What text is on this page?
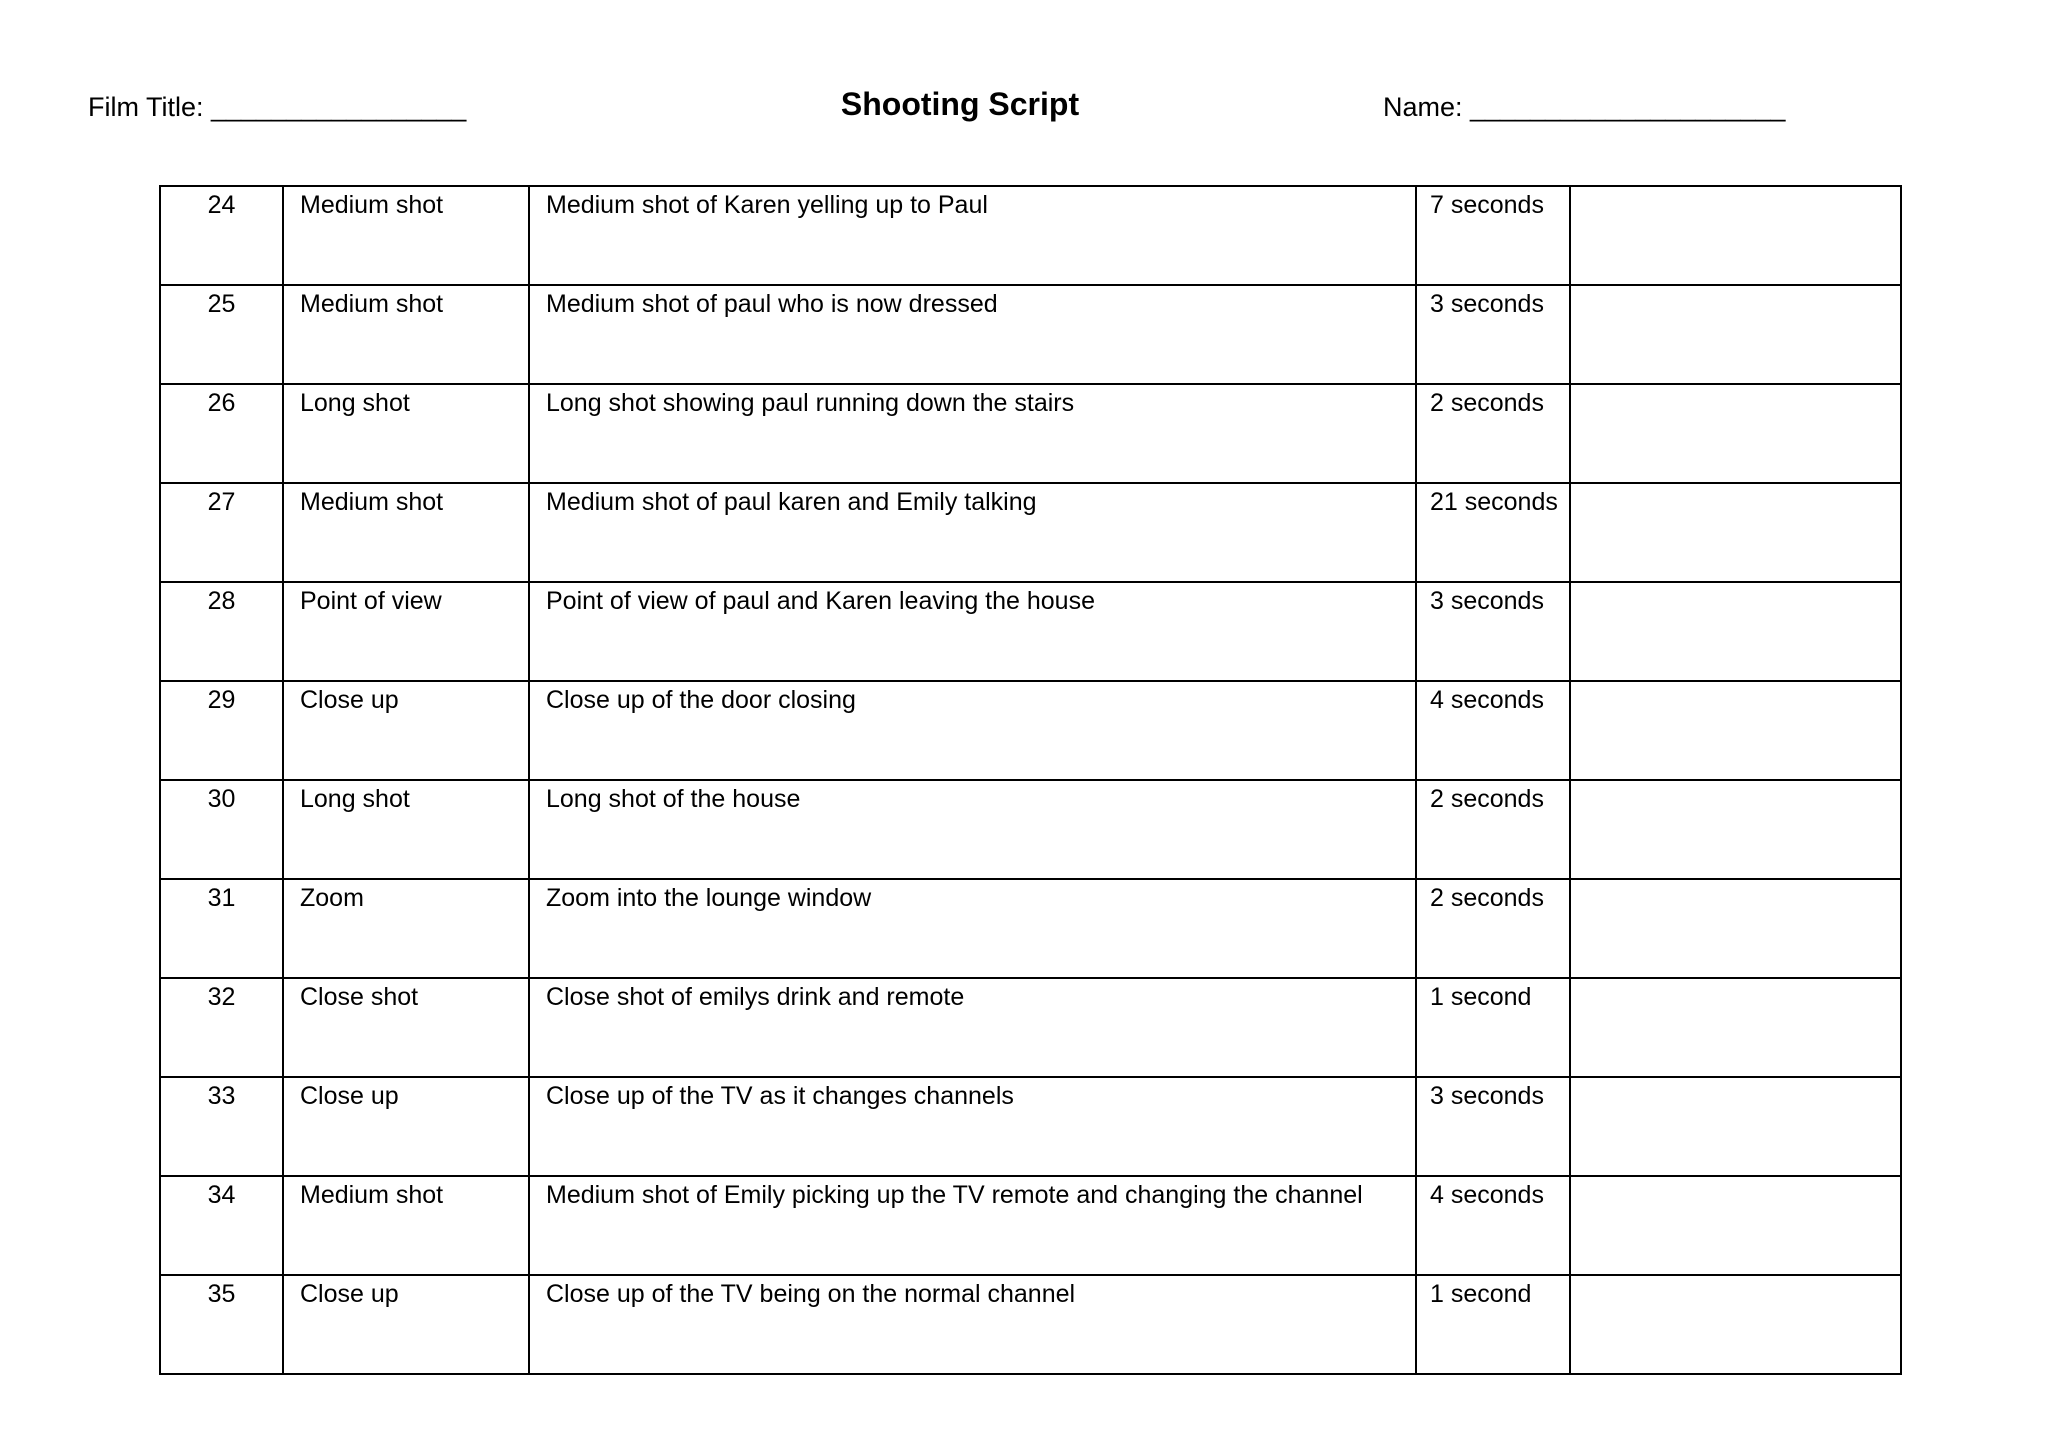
Film Title: _________________	Shooting Script	Name: _____________________
24	Medium shot	Medium shot of Karen yelling up to Paul	7 seconds	
25	Medium shot	Medium shot of paul who is now dressed	3 seconds	
26	Long shot	Long shot showing paul running down the stairs	2 seconds	
27	Medium shot	Medium shot of paul karen and Emily talking	21 seconds	
28	Point of view	Point of view of paul and Karen leaving the house	3 seconds	
29	Close up	Close up of the door closing	4 seconds	
30	Long shot	Long shot of the house	2 seconds	
31	Zoom	Zoom into the lounge window	2 seconds	
32	Close shot	Close shot of emilys drink and remote	1 second	
33	Close up	Close up of the TV as it changes channels	3 seconds	
34	Medium shot	Medium shot of Emily picking up the TV remote and changing the channel	4 seconds	
35	Close up	Close up of the TV being on the normal channel	1 second	
